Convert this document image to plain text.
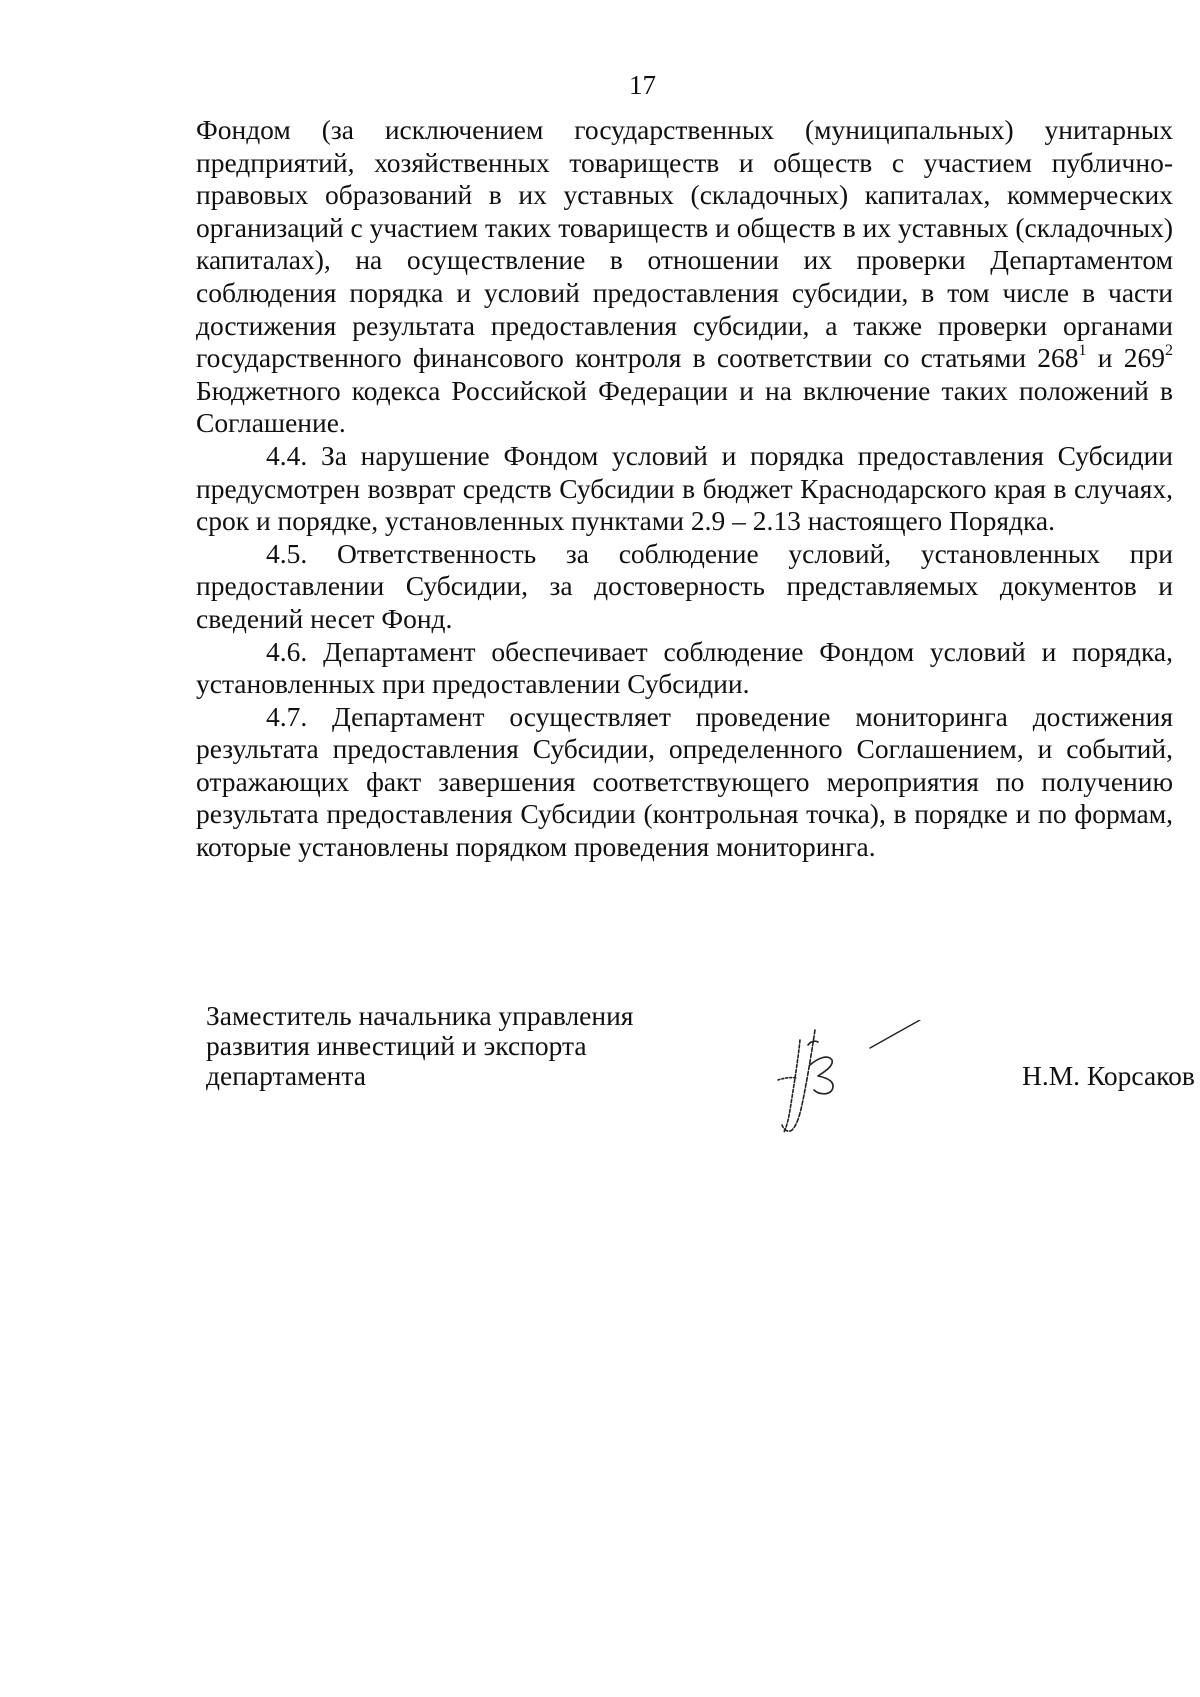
17

Фондом (за исключением государственных (муниципальных) унитарных предприятий, хозяйственных товариществ и обществ с участием публично-правовых образований в их уставных (складочных) капиталах, коммерческих организаций с участием таких товариществ и обществ в их уставных (складочных) капиталах), на осуществление в отношении их проверки Департаментом соблюдения порядка и условий предоставления субсидии, в том числе в части достижения результата предоставления субсидии, а также проверки органами государственного финансового контроля в соответствии со статьями $268^1$ и $269^2$ Бюджетного кодекса Российской Федерации и на включение таких положений в Соглашение.

4.4. За нарушение Фондом условий и порядка предоставления Субсидии предусмотрен возврат средств Субсидии в бюджет Краснодарского края в случаях, срок и порядке, установленных пунктами 2.9 – 2.13 настоящего Порядка.

4.5. Ответственность за соблюдение условий, установленных при предоставлении Субсидии, за достоверность представляемых документов и сведений несет Фонд.

4.6. Департамент обеспечивает соблюдение Фондом условий и порядка, установленных при предоставлении Субсидии.

4.7. Департамент осуществляет проведение мониторинга достижения результата предоставления Субсидии, определенного Соглашением, и событий, отражающих факт завершения соответствующего мероприятия по получению результата предоставления Субсидии (контрольная точка), в порядке и по формам, которые установлены порядком проведения мониторинга.

Заместитель начальника управления
развития инвестиций и экспорта
департамента	Н.М. Корсаков
